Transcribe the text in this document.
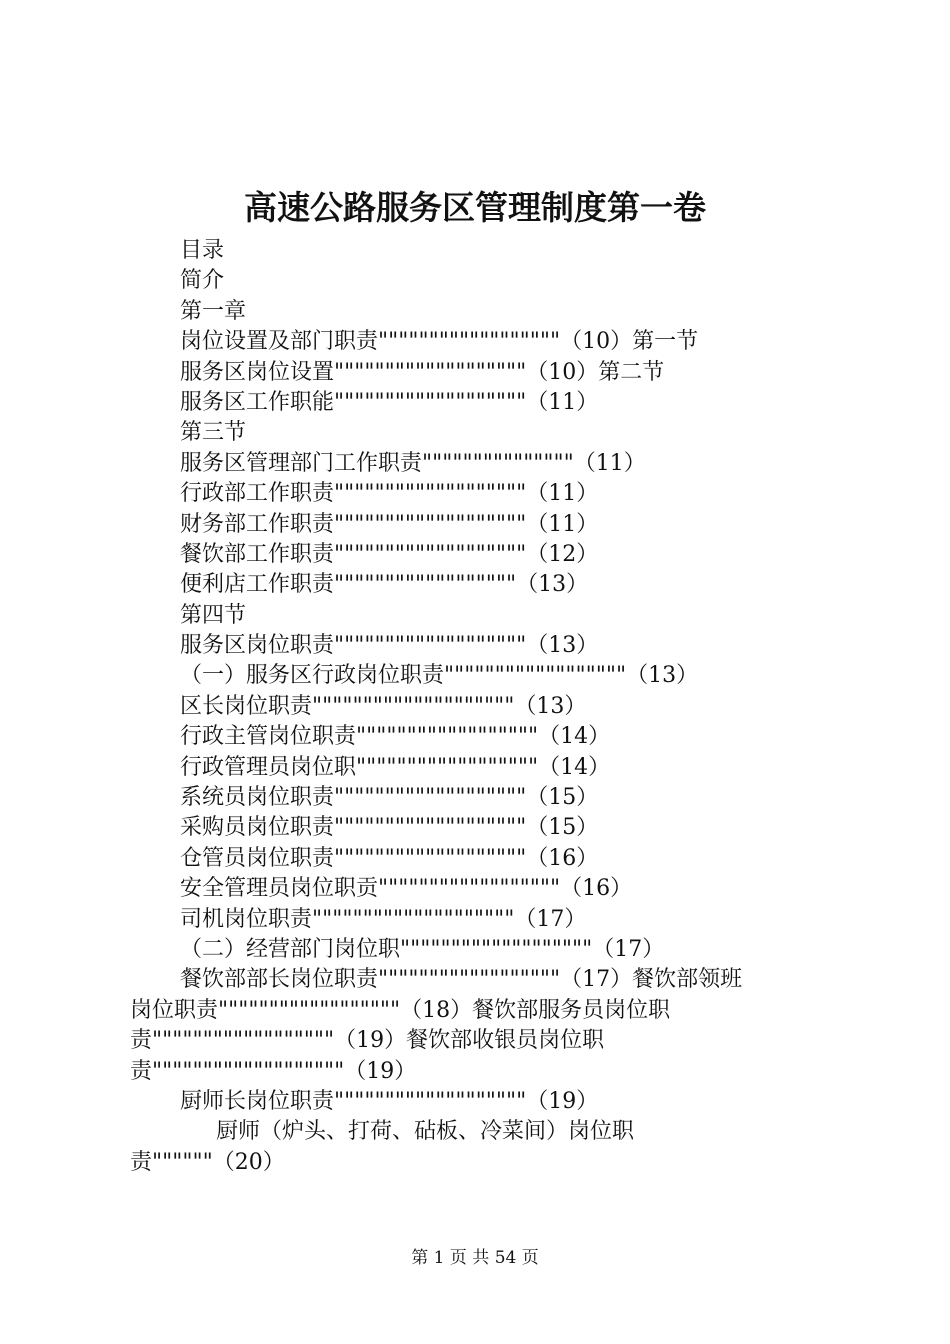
高速公路服务区管理制度第一卷
目录
简介
第一章
岗位设置及部门职责""""""""""""""""""（10）第一节
服务区岗位设置"""""""""""""""""""（10）第二节
服务区工作职能"""""""""""""""""""（11）
第三节
服务区管理部门工作职责"""""""""""""""（11）
行政部工作职责"""""""""""""""""""（11）
财务部工作职责"""""""""""""""""""（11）
餐饮部工作职责"""""""""""""""""""（12）
便利店工作职责""""""""""""""""""（13）
第四节
服务区岗位职责"""""""""""""""""""（13）
（一）服务区行政岗位职责""""""""""""""""""（13）
区长岗位职责""""""""""""""""""""（13）
行政主管岗位职责""""""""""""""""""（14）
行政管理员岗位职""""""""""""""""""（14）
系统员岗位职责"""""""""""""""""""（15）
采购员岗位职责"""""""""""""""""""（15）
仓管员岗位职责"""""""""""""""""""（16）
安全管理员岗位职贡""""""""""""""""""（16）
司机岗位职责""""""""""""""""""""（17）
（二）经营部门岗位职"""""""""""""""""""（17）
餐饮部部长岗位职责""""""""""""""""""（17）餐饮部领班
岗位职责""""""""""""""""""（18）餐饮部服务员岗位职
责""""""""""""""""""（19）餐饮部收银员岗位职
责"""""""""""""""""""（19）
厨师长岗位职责"""""""""""""""""""（19）
厨师（炉头、打荷、砧板、冷菜间）岗位职
责""""""（20）
第 1 页 共 54 页
